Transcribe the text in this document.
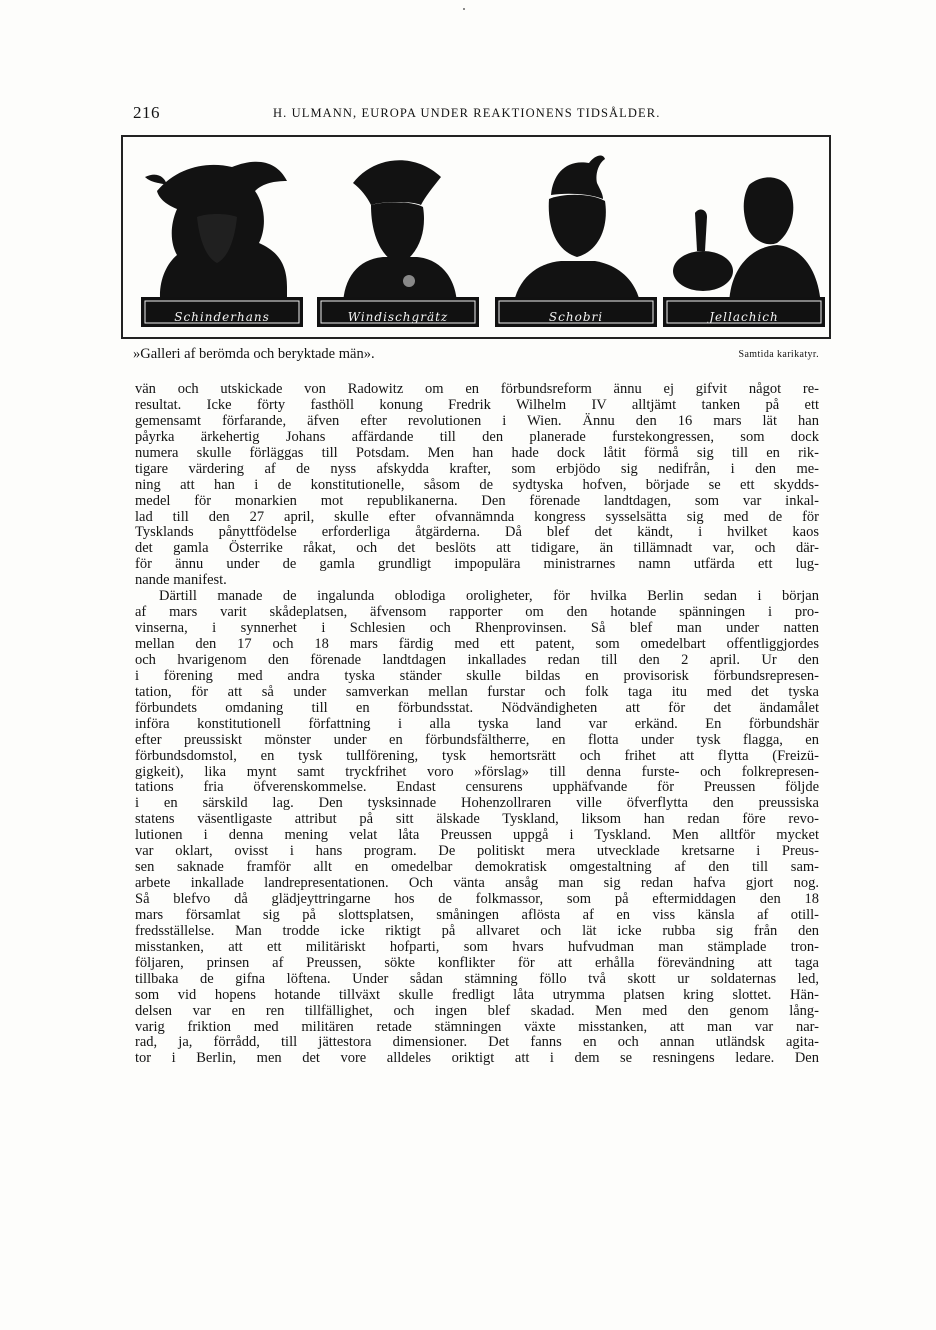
216	H. ULMANN, EUROPA UNDER REAKTIONENS TIDSÅLDER.
Schinderhans	Windischgrätz	Schobri	Jellachich
»Galleri af berömda och beryktade män».	Samtida karikatyr.
vän och utskickade von Radowitz om en förbundsreform ännu ej gifvit något re-
resultat. Icke förty fasthöll konung Fredrik Wilhelm IV alltjämt tanken på ett
gemensamt förfarande, äfven efter revolutionen i Wien. Ännu den 16 mars lät han
påyrka ärkehertig Johans affärdande till den planerade furstekongressen, som dock
numera skulle förläggas till Potsdam. Men han hade dock låtit förmå sig till en rik-
tigare värdering af de nyss afskydda krafter, som erbjödo sig nedifrån, i den me-
ning att han i de konstitutionelle, såsom de sydtyska hofven, började se ett skydds-
medel för monarkien mot republikanerna. Den förenade landtdagen, som var inkal-
lad till den 27 april, skulle efter ofvannämnda kongress sysselsätta sig med de för
Tysklands pånyttfödelse erforderliga åtgärderna. Då blef det kändt, i hvilket kaos
det gamla Österrike råkat, och det beslöts att tidigare, än tillämnadt var, och där-
för ännu under de gamla grundligt impopulära ministrarnes namn utfärda ett lug-
nande manifest.
Därtill manade de ingalunda oblodiga oroligheter, för hvilka Berlin sedan i början
af mars varit skådeplatsen, äfvensom rapporter om den hotande spänningen i pro-
vinserna, i synnerhet i Schlesien och Rhenprovinsen. Så blef man under natten
mellan den 17 och 18 mars färdig med ett patent, som omedelbart offentliggjordes
och hvarigenom den förenade landtdagen inkallades redan till den 2 april. Ur den
i förening med andra tyska ständer skulle bildas en provisorisk förbundsrepresen-
tation, för att så under samverkan mellan furstar och folk taga itu med det tyska
förbundets omdaning till en förbundsstat. Nödvändigheten att för det ändamålet
införa konstitutionell författning i alla tyska land var erkänd. En förbundshär
efter preussiskt mönster under en förbundsfältherre, en flotta under tysk flagga, en
förbundsdomstol, en tysk tullförening, tysk hemortsrätt och frihet att flytta (Freizü-
gigkeit), lika mynt samt tryckfrihet voro »förslag» till denna furste- och folkrepresen-
tations fria öfverenskommelse. Endast censurens upphäfvande för Preussen följde
i en särskild lag. Den tysksinnade Hohenzollraren ville öfverflytta den preussiska
statens väsentligaste attribut på sitt älskade Tyskland, liksom han redan före revo-
lutionen i denna mening velat låta Preussen uppgå i Tyskland. Men alltför mycket
var oklart, ovisst i hans program. De politiskt mera utvecklade kretsarne i Preus-
sen saknade framför allt en omedelbar demokratisk omgestaltning af den till sam-
arbete inkallade landrepresentationen. Och vänta ansåg man sig redan hafva gjort nog.
Så blefvo då glädjeyttringarne hos de folkmassor, som på eftermiddagen den 18
mars församlat sig på slottsplatsen, småningen aflösta af en viss känsla af otill-
fredsställelse. Man trodde icke riktigt på allvaret och lät icke rubba sig från den
misstanken, att ett militäriskt hofparti, som hvars hufvudman man stämplade tron-
följaren, prinsen af Preussen, sökte konflikter för att erhålla förevändning att taga
tillbaka de gifna löftena. Under sådan stämning föllo två skott ur soldaternas led,
som vid hopens hotande tillväxt skulle fredligt låta utrymma platsen kring slottet. Hän-
delsen var en ren tillfällighet, och ingen blef skadad. Men med den genom lång-
varig friktion med militären retade stämningen växte misstanken, att man var nar-
rad, ja, förrådd, till jättestora dimensioner. Det fanns en och annan utländsk agita-
tor i Berlin, men det vore alldeles oriktigt att i dem se resningens ledare. Den
